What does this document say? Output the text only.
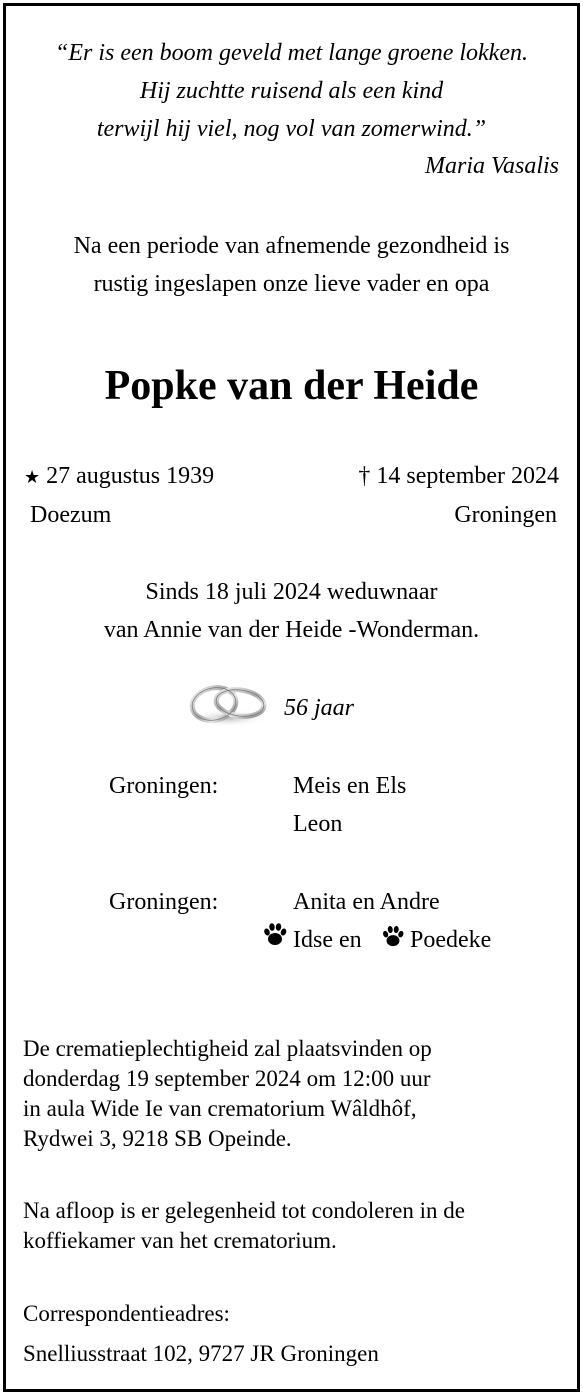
“Er is een boom geveld met lange groene lokken.
Hij zuchtte ruisend als een kind
terwijl hij viel, nog vol van zomerwind.”
Maria Vasalis
Na een periode van afnemende gezondheid is
rustig ingeslapen onze lieve vader en opa
Popke van der Heide
★ 27 augustus 1939	† 14 september 2024
Doezum	Groningen
Sinds 18 juli 2024 weduwnaar
van Annie van der Heide -Wonderman.
56 jaar
Groningen:	Meis en Els
Leon
Groningen:	Anita en Andre
Idse en Poedeke
De crematieplechtigheid zal plaatsvinden op
donderdag 19 september 2024 om 12:00 uur
in aula Wide Ie van crematorium Wâldhôf,
Rydwei 3, 9218 SB Opeinde.
Na afloop is er gelegenheid tot condoleren in de
koffiekamer van het crematorium.
Correspondentieadres:
Snelliusstraat 102, 9727 JR Groningen
